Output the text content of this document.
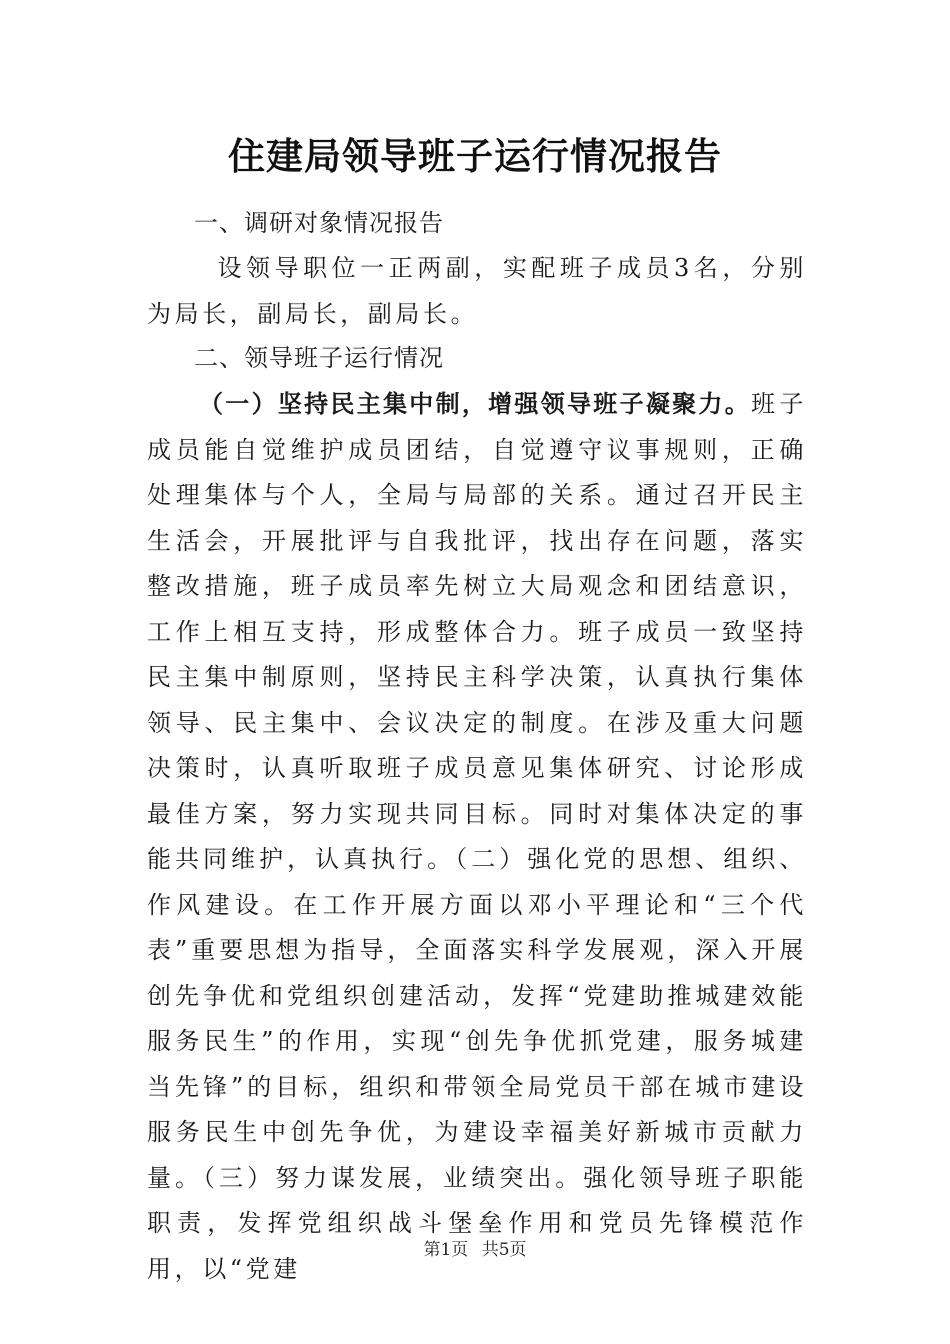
住建局领导班子运行情况报告
一、调研对象情况报告
　设领导职位一正两副，实配班子成员3名，分别为局长，副局长，副局长。
二、领导班子运行情况
（一）坚持民主集中制，增强领导班子凝聚力。班子成员能自觉维护成员团结，自觉遵守议事规则，正确处理集体与个人，全局与局部的关系。通过召开民主生活会，开展批评与自我批评，找出存在问题，落实整改措施，班子成员率先树立大局观念和团结意识，工作上相互支持，形成整体合力。班子成员一致坚持民主集中制原则，坚持民主科学决策，认真执行集体领导、民主集中、会议决定的制度。在涉及重大问题决策时，认真听取班子成员意见集体研究、讨论形成最佳方案，努力实现共同目标。同时对集体决定的事能共同维护，认真执行。（二）强化党的思想、组织、作风建设。在工作开展方面以邓小平理论和“三个代表”重要思想为指导，全面落实科学发展观，深入开展创先争优和党组织创建活动，发挥“党建助推城建效能服务民生”的作用，实现“创先争优抓党建，服务城建当先锋”的目标，组织和带领全局党员干部在城市建设服务民生中创先争优，为建设幸福美好新城市贡献力量。（三）努力谋发展，业绩突出。强化领导班子职能职责，发挥党组织战斗堡垒作用和党员先锋模范作用，以“党建
第1页 共5页
